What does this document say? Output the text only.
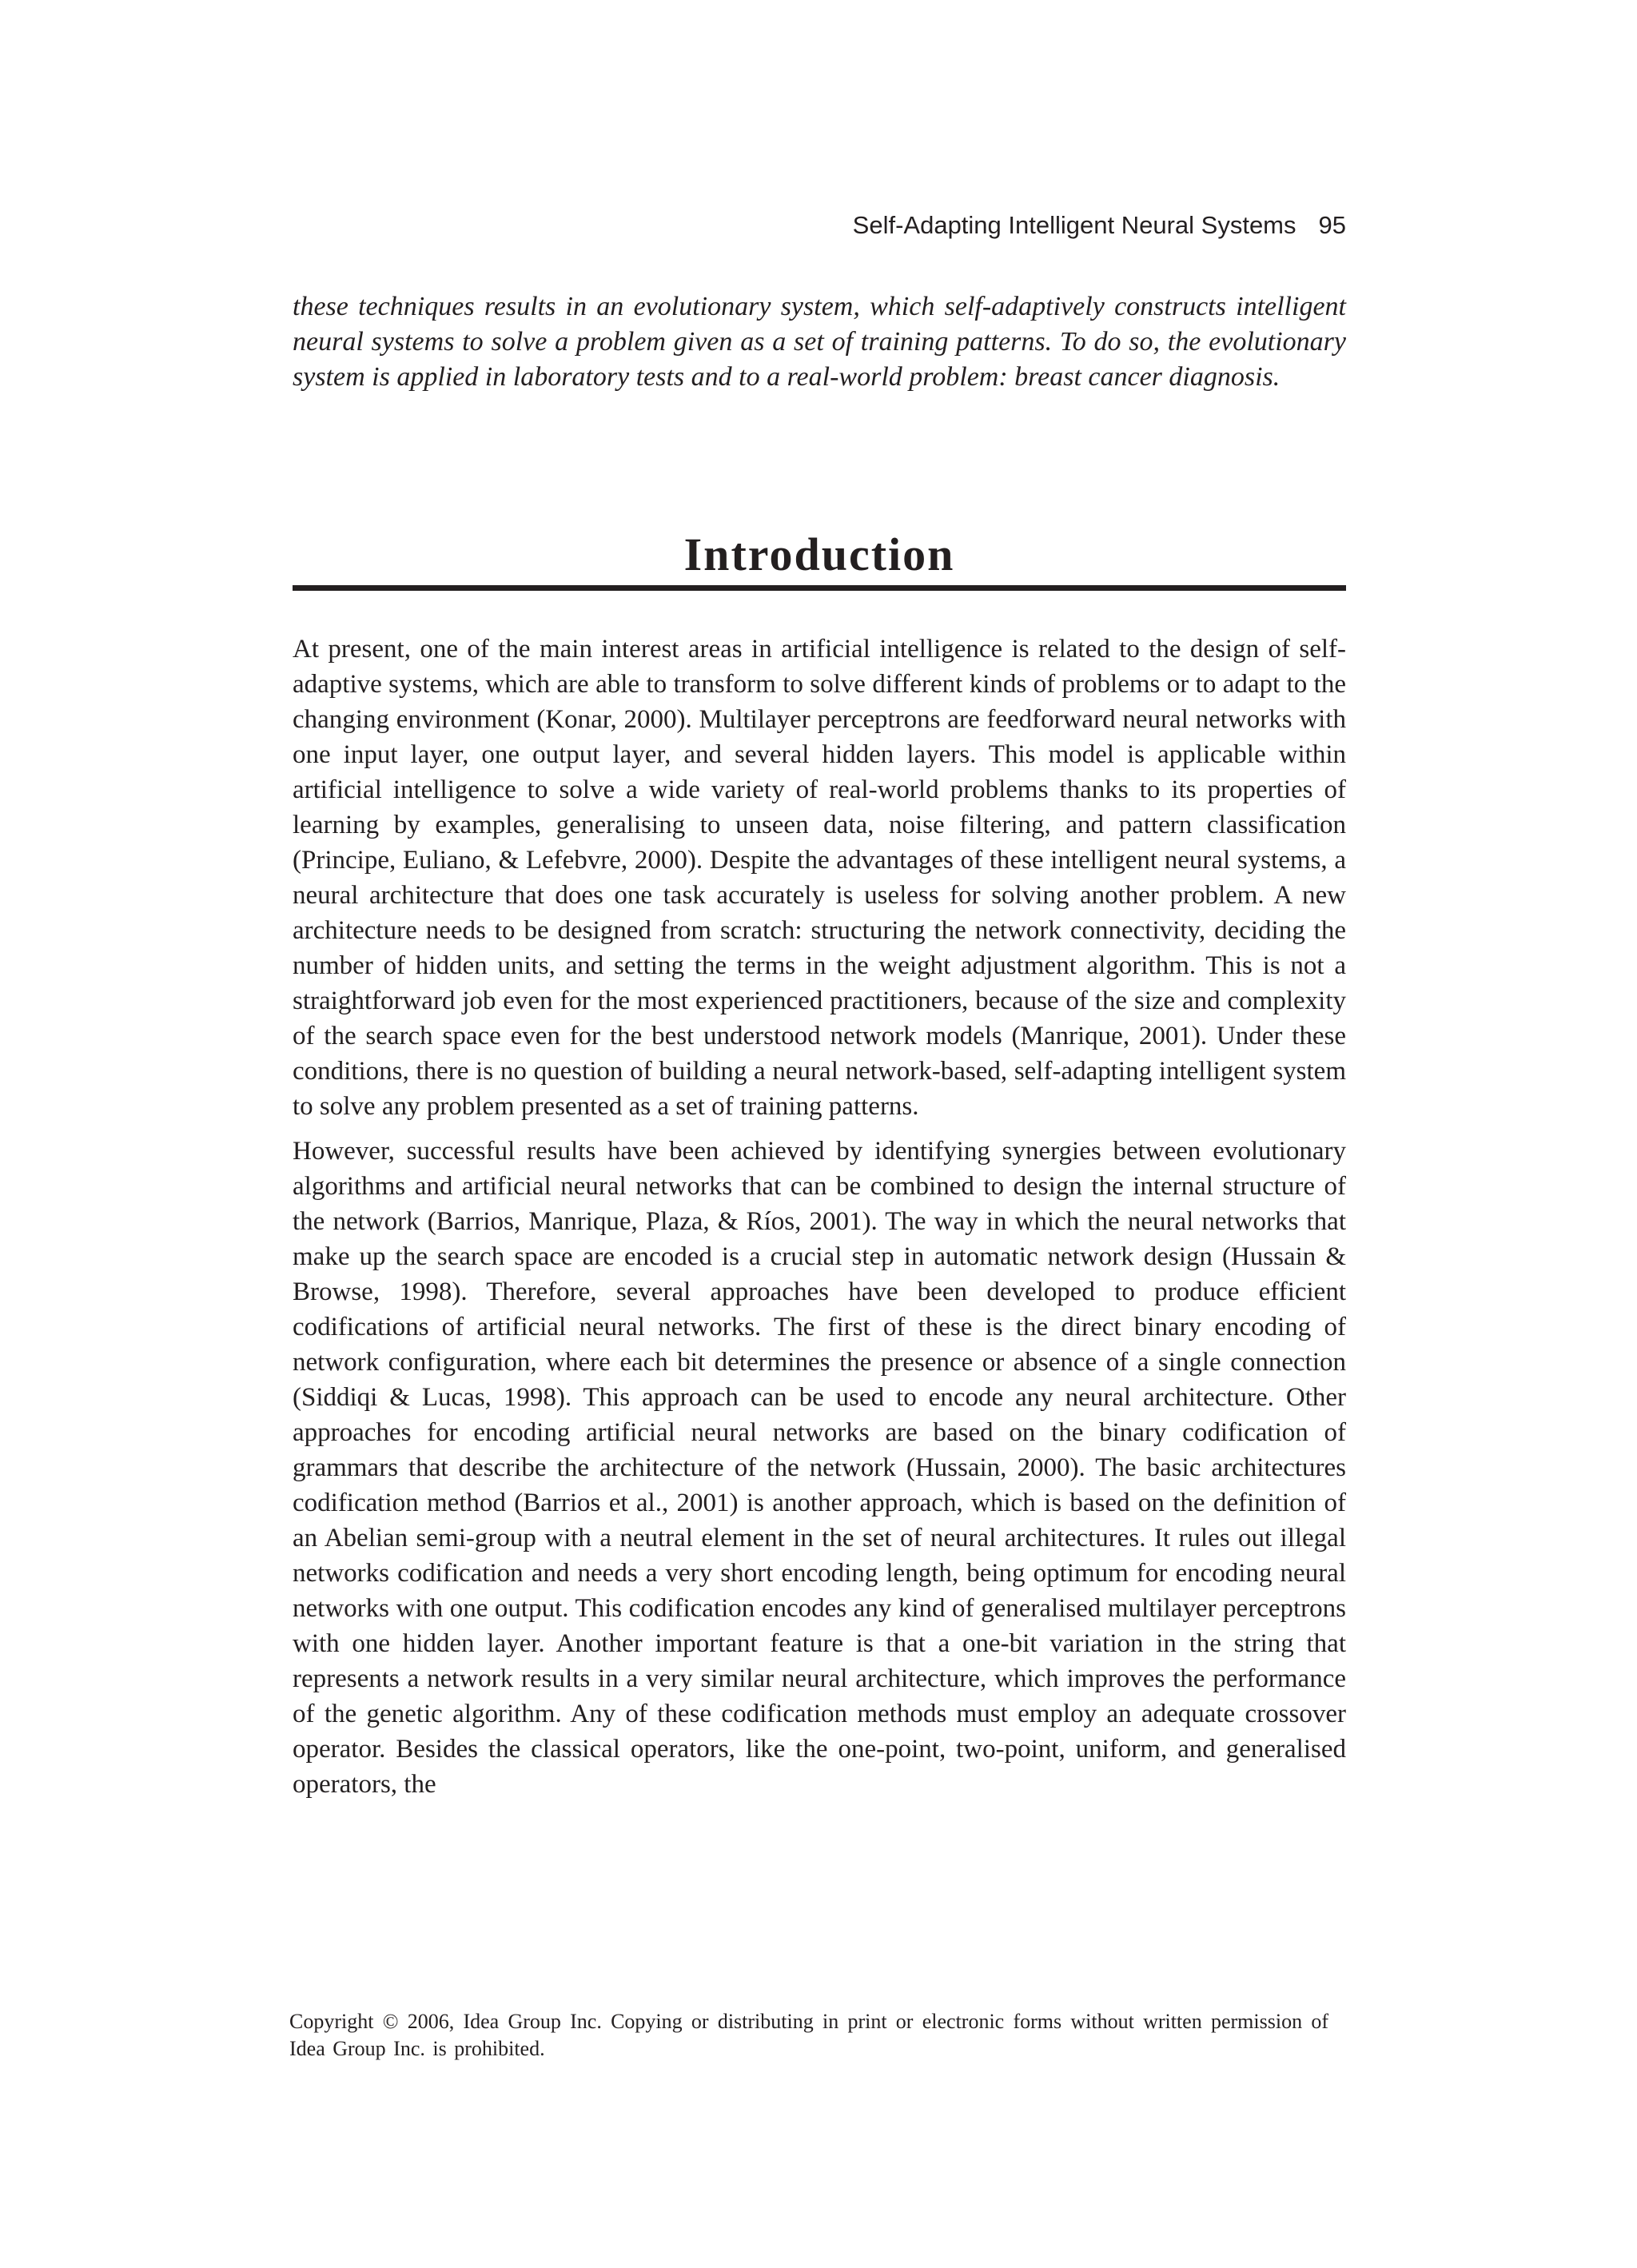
Self-Adapting Intelligent Neural Systems 95

these techniques results in an evolutionary system, which self-adaptively constructs intelligent neural systems to solve a problem given as a set of training patterns. To do so, the evolutionary system is applied in laboratory tests and to a real-world problem: breast cancer diagnosis.

Introduction

At present, one of the main interest areas in artificial intelligence is related to the design of self-adaptive systems, which are able to transform to solve different kinds of problems or to adapt to the changing environment (Konar, 2000). Multilayer perceptrons are feedforward neural networks with one input layer, one output layer, and several hidden layers. This model is applicable within artificial intelligence to solve a wide variety of real-world problems thanks to its properties of learning by examples, generalising to unseen data, noise filtering, and pattern classification (Principe, Euliano, & Lefebvre, 2000). Despite the advantages of these intelligent neural systems, a neural architecture that does one task accurately is useless for solving another problem. A new architecture needs to be designed from scratch: structuring the network connectivity, deciding the number of hidden units, and setting the terms in the weight adjustment algorithm. This is not a straightforward job even for the most experienced practitioners, because of the size and complexity of the search space even for the best understood network models (Manrique, 2001). Under these conditions, there is no question of building a neural network-based, self-adapting intelligent system to solve any problem presented as a set of training patterns.

However, successful results have been achieved by identifying synergies between evolutionary algorithms and artificial neural networks that can be combined to design the internal structure of the network (Barrios, Manrique, Plaza, & Ríos, 2001). The way in which the neural networks that make up the search space are encoded is a crucial step in automatic network design (Hussain & Browse, 1998). Therefore, several approaches have been developed to produce efficient codifications of artificial neural networks. The first of these is the direct binary encoding of network configuration, where each bit determines the presence or absence of a single connection (Siddiqi & Lucas, 1998). This approach can be used to encode any neural architecture. Other approaches for encoding artificial neural networks are based on the binary codification of grammars that describe the architecture of the network (Hussain, 2000). The basic architectures codification method (Barrios et al., 2001) is another approach, which is based on the definition of an Abelian semi-group with a neutral element in the set of neural architectures. It rules out illegal networks codification and needs a very short encoding length, being optimum for encoding neural networks with one output. This codification encodes any kind of generalised multilayer perceptrons with one hidden layer. Another important feature is that a one-bit variation in the string that represents a network results in a very similar neural architecture, which improves the performance of the genetic algorithm. Any of these codification methods must employ an adequate crossover operator. Besides the classical operators, like the one-point, two-point, uniform, and generalised operators, the

Copyright © 2006, Idea Group Inc. Copying or distributing in print or electronic forms without written permission of Idea Group Inc. is prohibited.
